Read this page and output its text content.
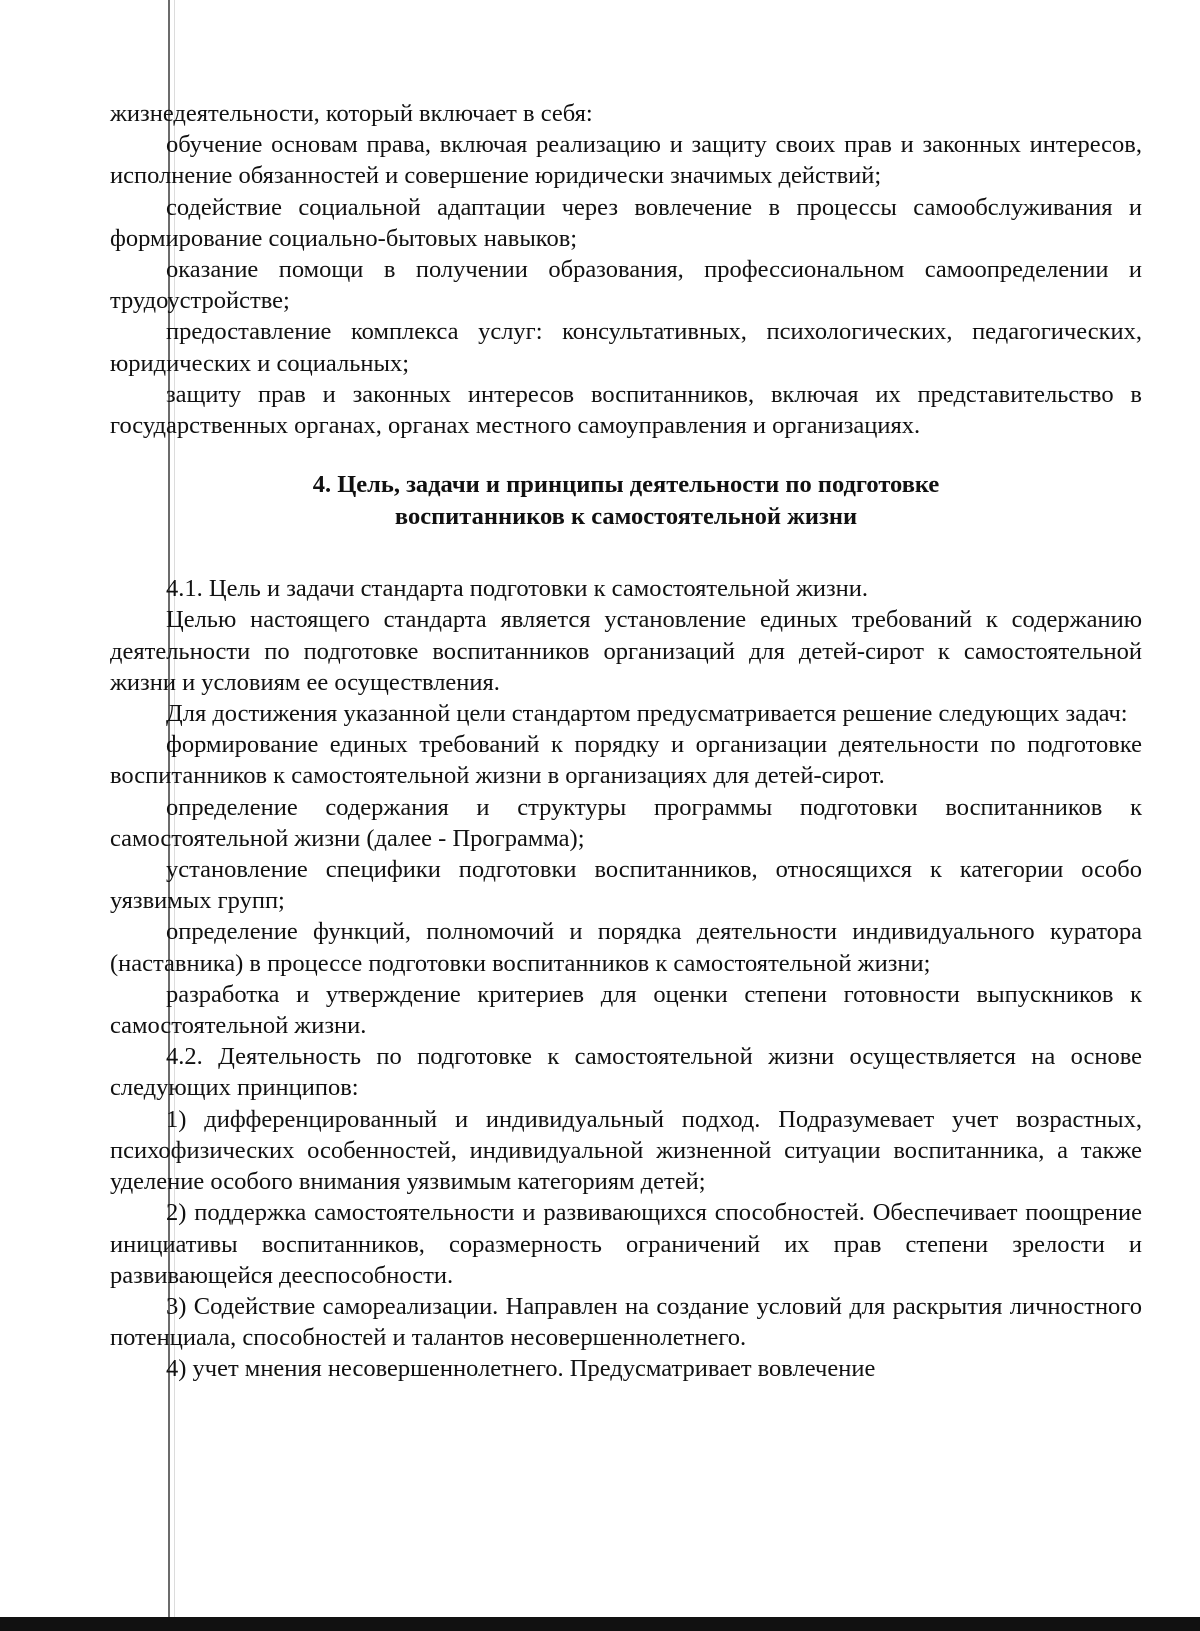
жизнедеятельности, который включает в себя:

обучение основам права, включая реализацию и защиту своих прав и законных интересов, исполнение обязанностей и совершение юридически значимых действий;

содействие социальной адаптации через вовлечение в процессы самообслуживания и формирование социально-бытовых навыков;

оказание помощи в получении образования, профессиональном самоопределении и трудоустройстве;

предоставление комплекса услуг: консультативных, психологических, педагогических, юридических и социальных;

защиту прав и законных интересов воспитанников, включая их представительство в государственных органах, органах местного самоуправления и организациях.

4. Цель, задачи и принципы деятельности по подготовке
воспитанников к самостоятельной жизни

4.1. Цель и задачи стандарта подготовки к самостоятельной жизни.

Целью настоящего стандарта является установление единых требований к содержанию деятельности по подготовке воспитанников организаций для детей-сирот к самостоятельной жизни и условиям ее осуществления.

Для достижения указанной цели стандартом предусматривается решение следующих задач:

формирование единых требований к порядку и организации деятельности по подготовке воспитанников к самостоятельной жизни в организациях для детей-сирот.

определение содержания и структуры программы подготовки воспитанников к самостоятельной жизни (далее - Программа);

установление специфики подготовки воспитанников, относящихся к категории особо уязвимых групп;

определение функций, полномочий и порядка деятельности индивидуального куратора (наставника) в процессе подготовки воспитанников к самостоятельной жизни;

разработка и утверждение критериев для оценки степени готовности выпускников к самостоятельной жизни.

4.2. Деятельность по подготовке к самостоятельной жизни осуществляется на основе следующих принципов:

1) дифференцированный и индивидуальный подход. Подразумевает учет возрастных, психофизических особенностей, индивидуальной жизненной ситуации воспитанника, а также уделение особого внимания уязвимым категориям детей;

2) поддержка самостоятельности и развивающихся способностей. Обеспечивает поощрение инициативы воспитанников, соразмерность ограничений их прав степени зрелости и развивающейся дееспособности.

3) Содействие самореализации. Направлен на создание условий для раскрытия личностного потенциала, способностей и талантов несовершеннолетнего.

4) учет мнения несовершеннолетнего. Предусматривает вовлечение
